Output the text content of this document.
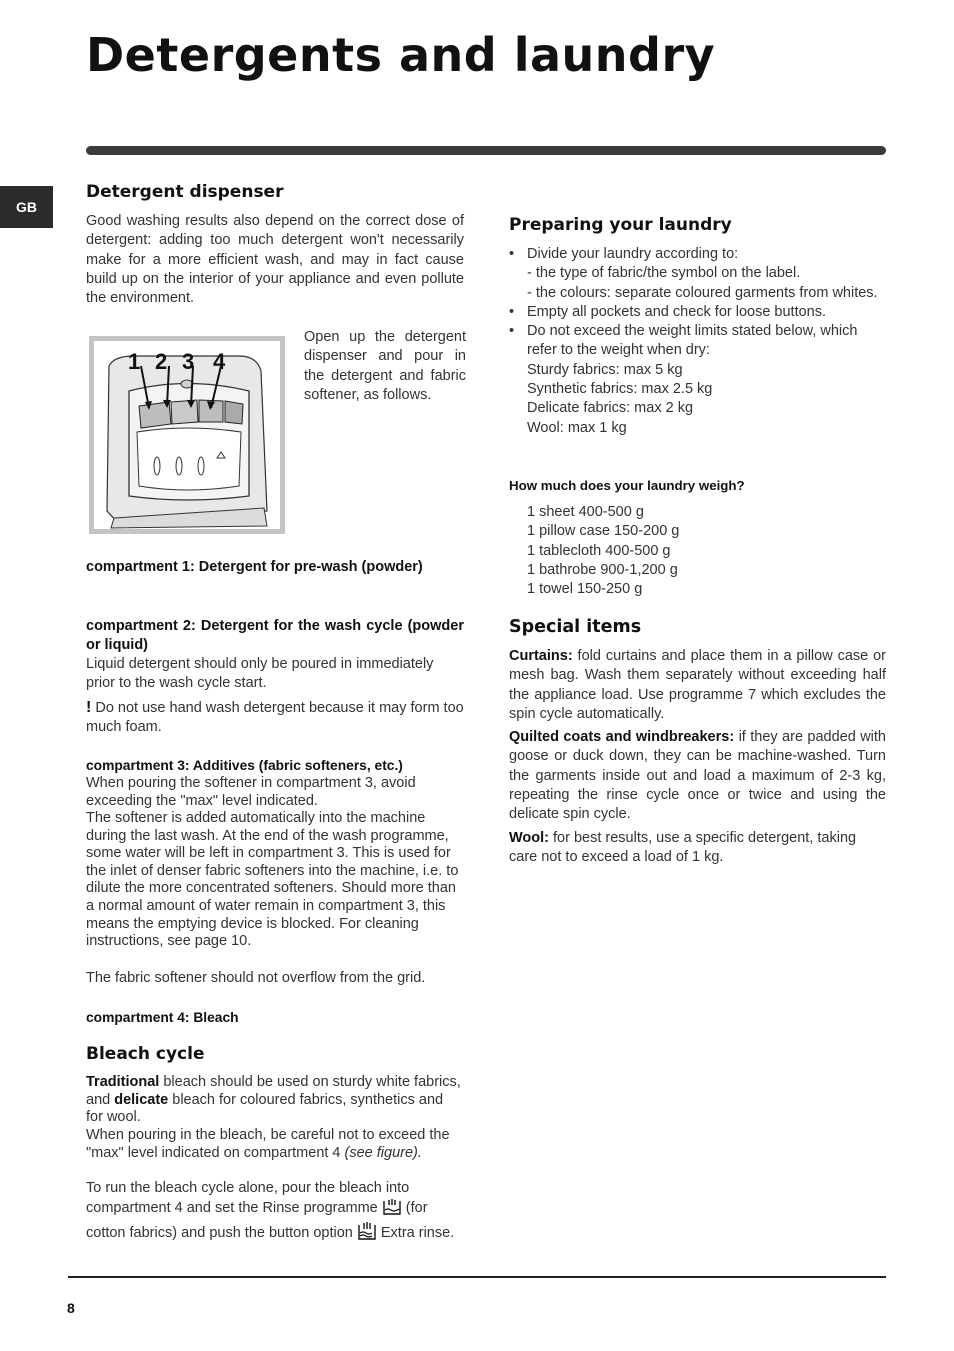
Detergents and laundry
GB
Detergent dispenser

Good washing results also depend on the correct dose of detergent: adding too much detergent won't necessarily make for a more efficient wash, and may in fact cause build up on the interior of your appliance and even pollute the environment.

1 2 3 4

Open up the detergent dispenser and pour in the detergent and fabric softener, as follows.

compartment 1: Detergent for pre-wash (powder)

compartment 2: Detergent for the wash cycle (powder or liquid)

Liquid detergent should only be poured in immediately prior to the wash cycle start.

! Do not use hand wash detergent because it may form too much foam.

compartment 3: Additives (fabric softeners, etc.)

When pouring the softener in compartment 3, avoid exceeding the "max" level indicated.

The softener is added automatically into the machine during the last wash. At the end of the wash programme, some water will be left in compartment 3. This is used for the inlet of denser fabric softeners into the machine, i.e. to dilute the more concentrated softeners. Should more than a normal amount of water remain in compartment 3, this means the emptying device is blocked. For cleaning instructions, see page 10.

The fabric softener should not overflow from the grid.

compartment 4: Bleach

Bleach cycle

Traditional bleach should be used on sturdy white fabrics, and delicate bleach for coloured fabrics, synthetics and for wool.

When pouring in the bleach, be careful not to exceed the "max" level indicated on compartment 4 (see figure).

To run the bleach cycle alone, pour the bleach into compartment 4 and set the Rinse programme  (for cotton fabrics) and push the button option  Extra rinse.

Preparing your laundry
• Divide your laundry according to:
- the type of fabric/the symbol on the label.
- the colours: separate coloured garments from whites.
• Empty all pockets and check for loose buttons.
• Do not exceed the weight limits stated below, which refer to the weight when dry:
Sturdy fabrics: max 5 kg
Synthetic fabrics: max 2.5 kg
Delicate fabrics: max 2 kg
Wool: max 1 kg
How much does your laundry weigh?
1 sheet 400-500 g
1 pillow case 150-200 g
1 tablecloth 400-500 g
1 bathrobe 900-1,200 g
1 towel 150-250 g
Special items

Curtains: fold curtains and place them in a pillow case or mesh bag. Wash them separately without exceeding half the appliance load. Use programme 7 which excludes the spin cycle automatically.

Quilted coats and windbreakers: if they are padded with goose or duck down, they can be machine-washed. Turn the garments inside out and load a maximum of 2-3 kg, repeating the rinse cycle once or twice and using the delicate spin cycle.

Wool: for best results, use a specific detergent, taking care not to exceed a load of 1 kg.

8
